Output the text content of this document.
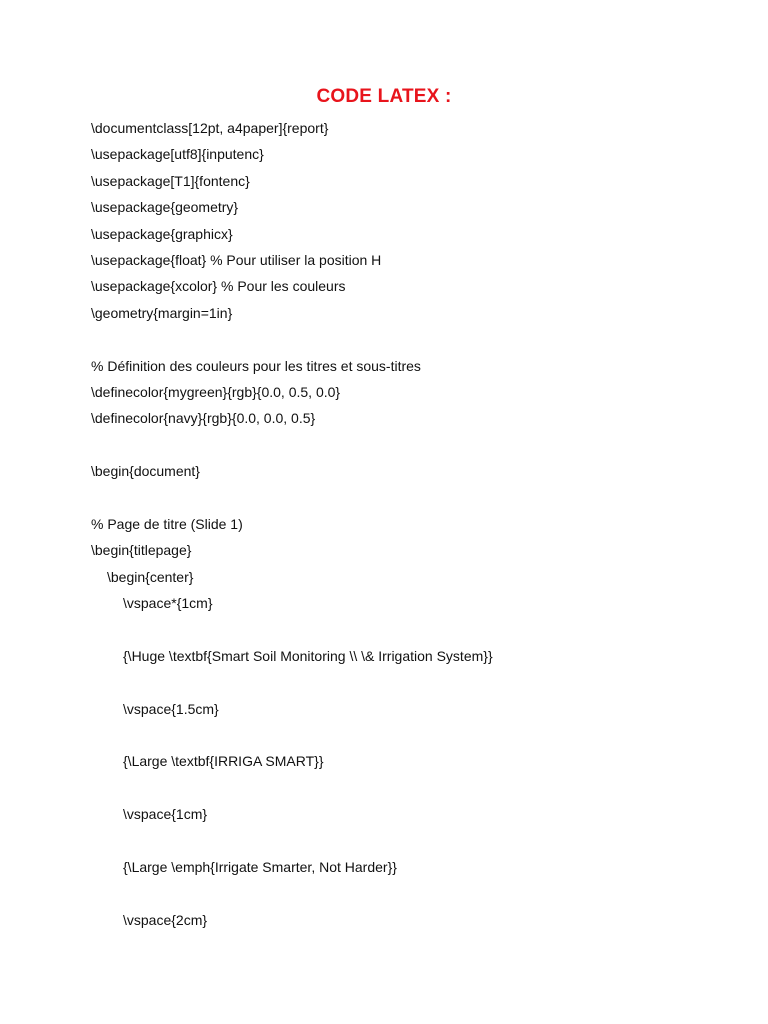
CODE LATEX :
\documentclass[12pt, a4paper]{report}
\usepackage[utf8]{inputenc}
\usepackage[T1]{fontenc}
\usepackage{geometry}
\usepackage{graphicx}
\usepackage{float} % Pour utiliser la position H
\usepackage{xcolor} % Pour les couleurs
\geometry{margin=1in}
% Définition des couleurs pour les titres et sous-titres
\definecolor{mygreen}{rgb}{0.0, 0.5, 0.0}
\definecolor{navy}{rgb}{0.0, 0.0, 0.5}
\begin{document}
% Page de titre (Slide 1)
\begin{titlepage}
\begin{center}
\vspace*{1cm}
{\Huge \textbf{Smart Soil Monitoring \\ \& Irrigation System}}
\vspace{1.5cm}
{\Large \textbf{IRRIGA SMART}}
\vspace{1cm}
{\Large \emph{Irrigate Smarter, Not Harder}}
\vspace{2cm}
